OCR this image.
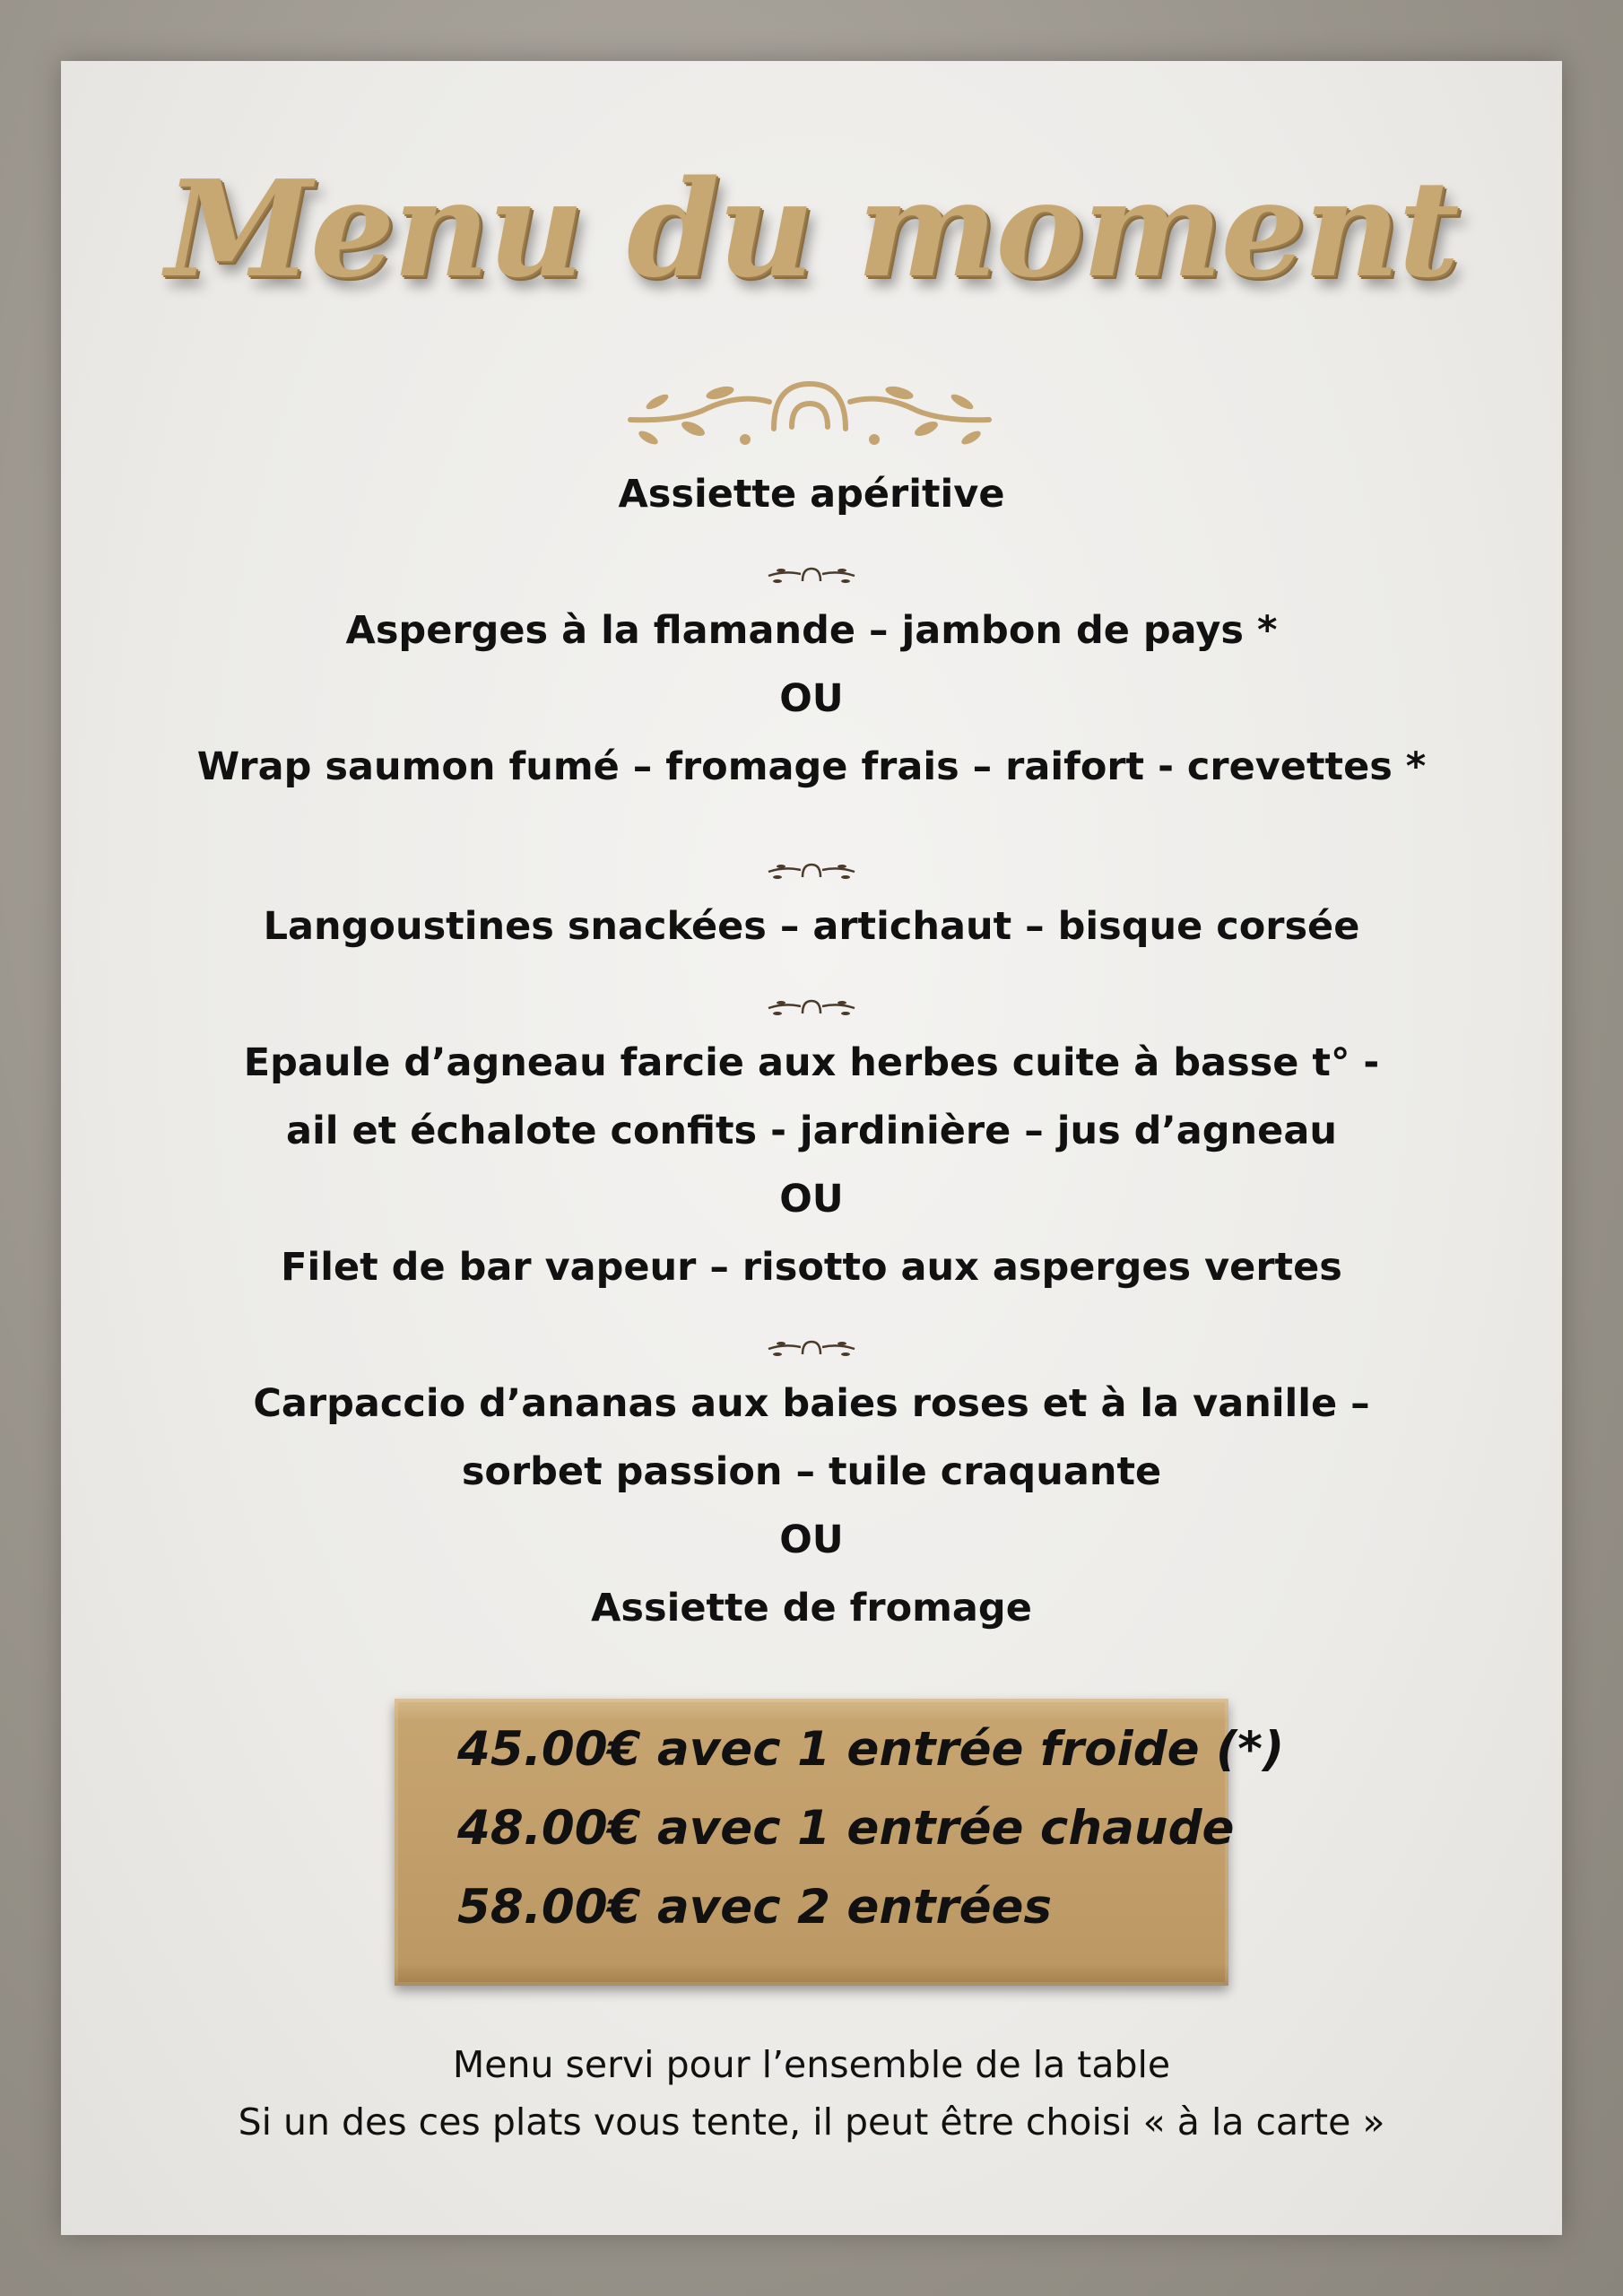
Menu du moment
Assiette apéritive
Asperges à la flamande – jambon de pays *
OU
Wrap saumon fumé – fromage frais – raifort - crevettes *
Langoustines snackées – artichaut – bisque corsée
Epaule d’agneau farcie aux herbes cuite à basse t° -
ail et échalote confits - jardinière – jus d’agneau
OU
Filet de bar vapeur – risotto aux asperges vertes
Carpaccio d’ananas aux baies roses et à la vanille –
sorbet passion – tuile craquante
OU
Assiette de fromage
45.00€ avec 1 entrée froide (*)
48.00€ avec 1 entrée chaude
58.00€ avec 2 entrées
Menu servi pour l’ensemble de la table
Si un des ces plats vous tente, il peut être choisi « à la carte »
